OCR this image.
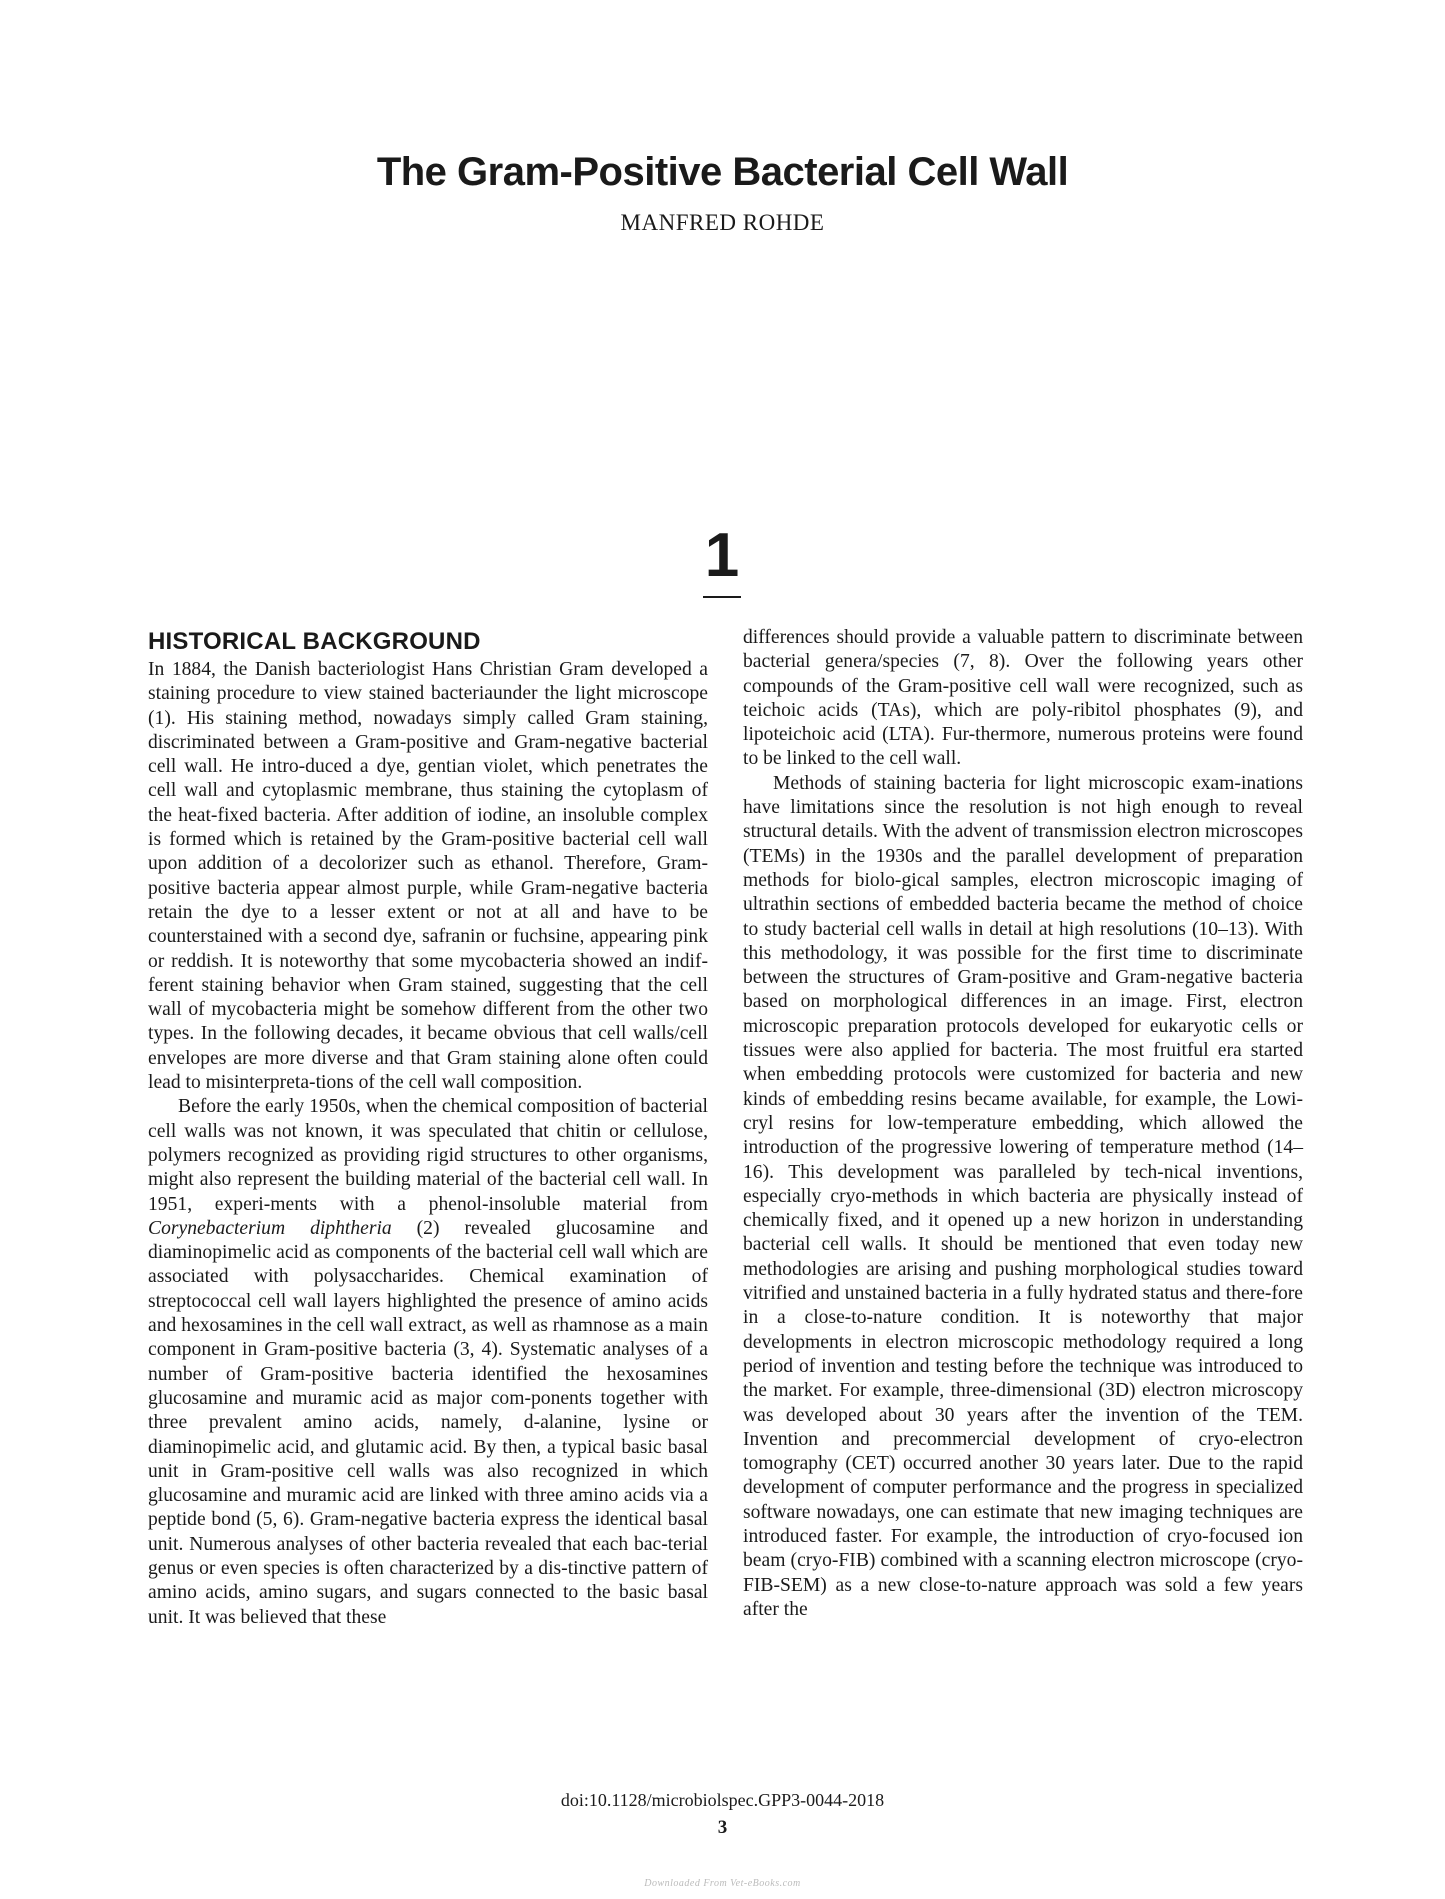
The Gram-Positive Bacterial Cell Wall
MANFRED ROHDE
1
HISTORICAL BACKGROUND

In 1884, the Danish bacteriologist Hans Christian Gram developed a staining procedure to view stained bacteriaunder the light microscope (1). His staining method, nowadays simply called Gram staining, discriminated between a Gram-positive and Gram-negative bacterial cell wall. He intro-duced a dye, gentian violet, which penetrates the cell wall and cytoplasmic membrane, thus staining the cytoplasm of the heat-fixed bacteria. After addition of iodine, an insoluble complex is formed which is retained by the Gram-positive bacterial cell wall upon addition of a decolorizer such as ethanol. Therefore, Gram-positive bacteria appear almost purple, while Gram-negative bacteria retain the dye to a lesser extent or not at all and have to be counterstained with a second dye, safranin or fuchsine, appearing pink or reddish. It is noteworthy that some mycobacteria showed an indif-ferent staining behavior when Gram stained, suggesting that the cell wall of mycobacteria might be somehow different from the other two types. In the following decades, it became obvious that cell walls/cell envelopes are more diverse and that Gram staining alone often could lead to misinterpreta-tions of the cell wall composition.

Before the early 1950s, when the chemical composition of bacterial cell walls was not known, it was speculated that chitin or cellulose, polymers recognized as providing rigid structures to other organisms, might also represent the building material of the bacterial cell wall. In 1951, experi-ments with a phenol-insoluble material from Corynebacterium diphtheria (2) revealed glucosamine and diaminopimelic acid as components of the bacterial cell wall which are associated with polysaccharides. Chemical examination of streptococcal cell wall layers highlighted the presence of amino acids and hexosamines in the cell wall extract, as well as rhamnose as a main component in Gram-positive bacteria (3, 4). Systematic analyses of a number of Gram-positive bacteria identified the hexosamines glucosamine and muramic acid as major com-ponents together with three prevalent amino acids, namely, d-alanine, lysine or diaminopimelic acid, and glutamic acid. By then, a typical basic basal unit in Gram-positive cell walls was also recognized in which glucosamine and muramic acid are linked with three amino acids via a peptide bond (5, 6). Gram-negative bacteria express the identical basal unit. Numerous analyses of other bacteria revealed that each bac-terial genus or even species is often characterized by a dis-tinctive pattern of amino acids, amino sugars, and sugars connected to the basic basal unit. It was believed that these

differences should provide a valuable pattern to discriminate between bacterial genera/species (7, 8). Over the following years other compounds of the Gram-positive cell wall were recognized, such as teichoic acids (TAs), which are poly-ribitol phosphates (9), and lipoteichoic acid (LTA). Fur-thermore, numerous proteins were found to be linked to the cell wall.

Methods of staining bacteria for light microscopic exam-inations have limitations since the resolution is not high enough to reveal structural details. With the advent of transmission electron microscopes (TEMs) in the 1930s and the parallel development of preparation methods for biolo-gical samples, electron microscopic imaging of ultrathin sections of embedded bacteria became the method of choice to study bacterial cell walls in detail at high resolutions (10–13). With this methodology, it was possible for the first time to discriminate between the structures of Gram-positive and Gram-negative bacteria based on morphological differences in an image. First, electron microscopic preparation protocols developed for eukaryotic cells or tissues were also applied for bacteria. The most fruitful era started when embedding protocols were customized for bacteria and new kinds of embedding resins became available, for example, the Lowi-cryl resins for low-temperature embedding, which allowed the introduction of the progressive lowering of temperature method (14–16). This development was paralleled by tech-nical inventions, especially cryo-methods in which bacteria are physically instead of chemically fixed, and it opened up a new horizon in understanding bacterial cell walls. It should be mentioned that even today new methodologies are arising and pushing morphological studies toward vitrified and unstained bacteria in a fully hydrated status and there-fore in a close-to-nature condition. It is noteworthy that major developments in electron microscopic methodology required a long period of invention and testing before the technique was introduced to the market. For example, three-dimensional (3D) electron microscopy was developed about 30 years after the invention of the TEM. Invention and precommercial development of cryo-electron tomography (CET) occurred another 30 years later. Due to the rapid development of computer performance and the progress in specialized software nowadays, one can estimate that new imaging techniques are introduced faster. For example, the introduction of cryo-focused ion beam (cryo-FIB) combined with a scanning electron microscope (cryo-FIB-SEM) as a new close-to-nature approach was sold a few years after the

doi:10.1128/microbiolspec.GPP3-0044-2018
3
Downloaded From Vet-eBooks.com
